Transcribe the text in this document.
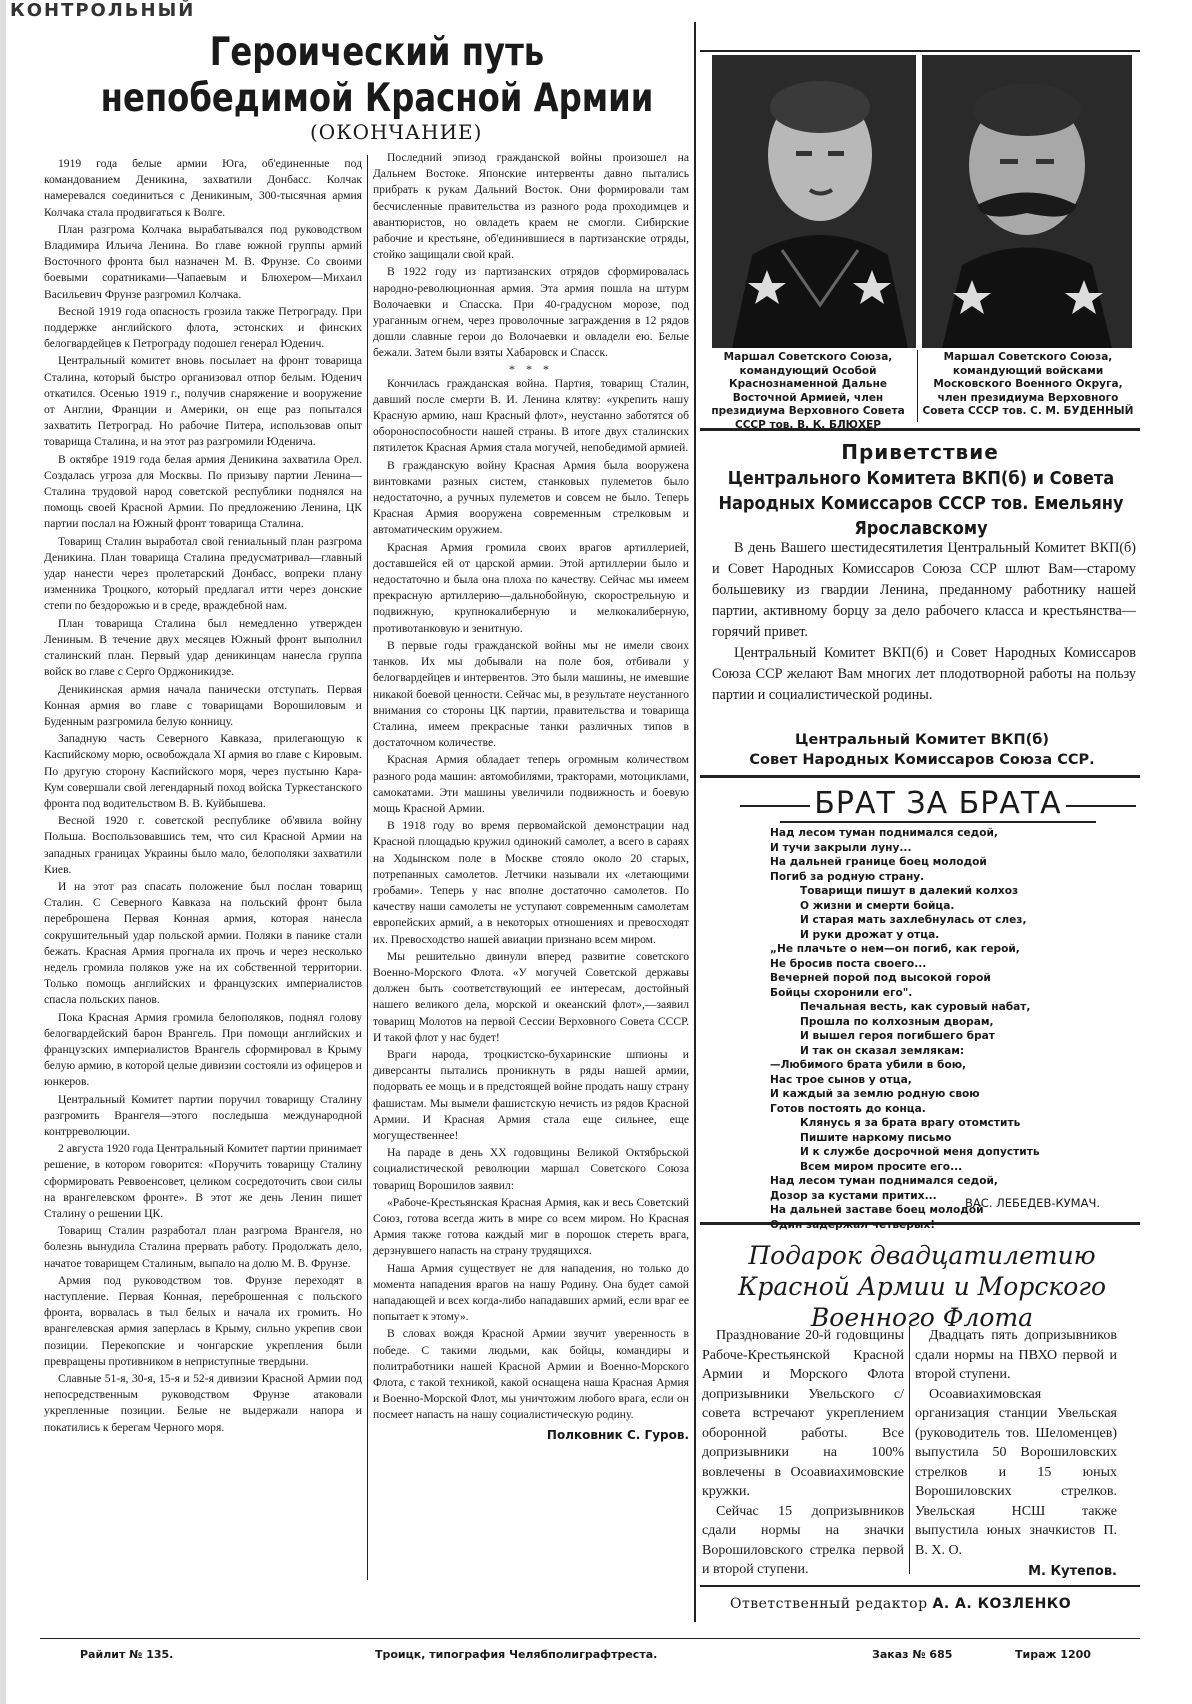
КОНТРОЛЬНЫЙ
Героический путь непобедимой Красной Армии
(ОКОНЧАНИЕ)

1919 года белые армии Юга, об'единенные под командованием Деникина, захватили Донбасс. Колчак намеревался соединиться с Деникиным, 300-тысячная армия Колчака стала продвигаться к Волге.

План разгрома Колчака вырабатывался под руководством Владимира Ильича Ленина. Во главе южной группы армий Восточного фронта был назначен М. В. Фрунзе. Со своими боевыми соратниками—Чапаевым и Блюхером—Михаил Васильевич Фрунзе разгромил Колчака.

Весной 1919 года опасность грозила также Петрограду. При поддержке английского флота, эстонских и финских белогвардейцев к Петрограду подошел генерал Юденич.

Центральный комитет вновь посылает на фронт товарища Сталина, который быстро организовал отпор белым. Юденич откатился. Осенью 1919 г., получив снаряжение и вооружение от Англии, Франции и Америки, он еще раз попытался захватить Петроград. Но рабочие Питера, использовав опыт товарища Сталина, и на этот раз разгромили Юденича.

В октябре 1919 года белая армия Деникина захватила Орел. Создалась угроза для Москвы. По призыву партии Ленина—Сталина трудовой народ советской республики поднялся на помощь своей Красной Армии. По предложению Ленина, ЦК партии послал на Южный фронт товарища Сталина.

Товарищ Сталин выработал свой гениальный план разгрома Деникина. План товарища Сталина предусматривал—главный удар нанести через пролетарский Донбасс, вопреки плану изменника Троцкого, который предлагал итти через донские степи по бездорожью и в среде, враждебной нам.

План товарища Сталина был немедленно утвержден Лениным. В течение двух месяцев Южный фронт выполнил сталинский план. Первый удар деникинцам нанесла группа войск во главе с Серго Орджоникидзе.

Деникинская армия начала панически отступать. Первая Конная армия во главе с товарищами Ворошиловым и Буденным разгромила белую конницу.

Западную часть Северного Кавказа, прилегающую к Каспийскому морю, освобождала XI армия во главе с Кировым. По другую сторону Каспийского моря, через пустыню Кара-Кум совершали свой легендарный поход войска Туркестанского фронта под водительством В. В. Куйбышева.

Весной 1920 г. советской республике об'явила войну Польша. Воспользовавшись тем, что сил Красной Армии на западных границах Украины было мало, белополяки захватили Киев.

И на этот раз спасать положение был послан товарищ Сталин. С Северного Кавказа на польский фронт была переброшена Первая Конная армия, которая нанесла сокрушительный удар польской армии. Поляки в панике стали бежать. Красная Армия прогнала их прочь и через несколько недель громила поляков уже на их собственной территории. Только помощь английских и французских империалистов спасла польских панов.

Пока Красная Армия громила белополяков, поднял голову белогвардейский барон Врангель. При помощи английских и французских империалистов Врангель сформировал в Крыму белую армию, в которой целые дивизии состояли из офицеров и юнкеров.

Центральный Комитет партии поручил товарищу Сталину разгромить Врангеля—этого последыша международной контрреволюции.

2 августа 1920 года Центральный Комитет партии принимает решение, в котором говорится: «Поручить товарищу Сталину сформировать Реввоенсовет, целиком сосредоточить свои силы на врангелевском фронте». В этот же день Ленин пишет Сталину о решении ЦК.

Товарищ Сталин разработал план разгрома Врангеля, но болезнь вынудила Сталина прервать работу. Продолжать дело, начатое товарищем Сталиным, выпало на долю М. В. Фрунзе.

Армия под руководством тов. Фрунзе переходят в наступление. Первая Конная, переброшенная с польского фронта, ворвалась в тыл белых и начала их громить. Но врангелевская армия заперлась в Крыму, сильно укрепив свои позиции. Перекопские и чонгарские укрепления были превращены противником в неприступные твердыни.

Славные 51-я, 30-я, 15-я и 52-я дивизии Красной Армии под непосредственным руководством Фрунзе атаковали укрепленные позиции. Белые не выдержали напора и покатились к берегам Черного моря.

Последний эпизод гражданской войны произошел на Дальнем Востоке. Японские интервенты давно пытались прибрать к рукам Дальний Восток. Они формировали там бесчисленные правительства из разного рода проходимцев и авантюристов, но овладеть краем не смогли. Сибирские рабочие и крестьяне, об'единившиеся в партизанские отряды, стойко защищали свой край.

В 1922 году из партизанских отрядов сформировалась народно-революционная армия. Эта армия пошла на штурм Волочаевки и Спасска. При 40-градусном морозе, под ураганным огнем, через проволочные заграждения в 12 рядов дошли славные герои до Волочаевки и овладели ею. Белые бежали. Затем были взяты Хабаровск и Спасск.

* * *

Кончилась гражданская война. Партия, товарищ Сталин, давший после смерти В. И. Ленина клятву: «укрепить нашу Красную армию, наш Красный флот», неустанно заботятся об обороноспособности нашей страны. В итоге двух сталинских пятилеток Красная Армия стала могучей, непобедимой армией.

В гражданскую войну Красная Армия была вооружена винтовками разных систем, станковых пулеметов было недостаточно, а ручных пулеметов и совсем не было. Теперь Красная Армия вооружена современным стрелковым и автоматическим оружием.

Красная Армия громила своих врагов артиллерией, доставшейся ей от царской армии. Этой артиллерии было и недостаточно и была она плоха по качеству. Сейчас мы имеем прекрасную артиллерию—дальнобойную, скорострельную и подвижную, крупнокалиберную и мелкокалиберную, противотанковую и зенитную.

В первые годы гражданской войны мы не имели своих танков. Их мы добывали на поле боя, отбивали у белогвардейцев и интервентов. Это были машины, не имевшие никакой боевой ценности. Сейчас мы, в результате неустанного внимания со стороны ЦК партии, правительства и товарища Сталина, имеем прекрасные танки различных типов в достаточном количестве.

Красная Армия обладает теперь огромным количеством разного рода машин: автомобилями, тракторами, мотоциклами, самокатами. Эти машины увеличили подвижность и боевую мощь Красной Армии.

В 1918 году во время первомайской демонстрации над Красной площадью кружил одинокий самолет, а всего в сараях на Ходынском поле в Москве стояло около 20 старых, потрепанных самолетов. Летчики называли их «летающими гробами». Теперь у нас вполне достаточно самолетов. По качеству наши самолеты не уступают современным самолетам европейских армий, а в некоторых отношениях и превосходят их. Превосходство нашей авиации признано всем миром.

Мы решительно двинули вперед развитие советского Военно-Морского Флота. «У могучей Советской державы должен быть соответствующий ее интересам, достойный нашего великого дела, морской и океанский флот»,—заявил товарищ Молотов на первой Сессии Верховного Совета СССР. И такой флот у нас будет!

Враги народа, троцкистско-бухаринские шпионы и диверсанты пытались проникнуть в ряды нашей армии, подорвать ее мощь и в предстоящей войне продать нашу страну фашистам. Мы вымели фашистскую нечисть из рядов Красной Армии. И Красная Армия стала еще сильнее, еще могущественнее!

На параде в день XX годовщины Великой Октябрьской социалистической революции маршал Советского Союза товарищ Ворошилов заявил:

«Рабоче-Крестьянская Красная Армия, как и весь Советский Союз, готова всегда жить в мире со всем миром. Но Красная Армия также готова каждый миг в порошок стереть врага, дерзнувшего напасть на страну трудящихся.

Наша Армия существует не для нападения, но только до момента нападения врагов на нашу Родину. Она будет самой нападающей и всех когда-либо нападавших армий, если враг ее попытает к этому».

В словах вождя Красной Армии звучит уверенность в победе. С такими людьми, как бойцы, командиры и политработники нашей Красной Армии и Военно-Морского Флота, с такой техникой, какой оснащена наша Красная Армия и Военно-Морской Флот, мы уничтожим любого врага, если он посмеет напасть на нашу социалистическую родину.

Полковник С. Гуров.

Маршал Советского Союза, командующий Особой Краснознаменной Дальне Восточной Армией, член президиума Верховного Совета СССР тов. В. К. БЛЮХЕР
Маршал Советского Союза, командующий войсками Московского Военного Округа, член президиума Верховного Совета СССР тов. С. М. БУДЕННЫЙ
Приветствие
Центрального Комитета ВКП(б) и Совета Народных Комиссаров СССР тов. Емельяну Ярославскому

В день Вашего шестидесятилетия Центральный Комитет ВКП(б) и Совет Народных Комиссаров Союза ССР шлют Вам—старому большевику из гвардии Ленина, преданному работнику нашей партии, активному борцу за дело рабочего класса и крестьянства—горячий привет.

Центральный Комитет ВКП(б) и Совет Народных Комиссаров Союза ССР желают Вам многих лет плодотворной работы на пользу партии и социалистической родины.

Центральный Комитет ВКП(б)
Совет Народных Комиссаров Союза ССР.
БРАТ ЗА БРАТА
Над лесом туман поднимался седой,
И тучи закрыли луну...
На дальней границе боец молодой
Погиб за родную страну.
Товарищи пишут в далекий колхоз
О жизни и смерти бойца.
И старая мать захлебнулась от слез,
И руки дрожат у отца.
„Не плачьте о нем—он погиб, как герой,
Не бросив поста своего...
Вечерней порой под высокой горой
Бойцы схоронили его".
Печальная весть, как суровый набат,
Прошла по колхозным дворам,
И вышел героя погибшего брат
И так он сказал землякам:
—Любимого брата убили в бою,
Нас трое сынов у отца,
И каждый за землю родную свою
Готов постоять до конца.
Клянусь я за брата врагу отомстить
Пишите наркому письмо
И к службе досрочной меня допустить
Всем миром просите его...
Над лесом туман поднимался седой,
Дозор за кустами притих...
На дальней заставе боец молодой
Один задержал четверых!
ВАС. ЛЕБЕДЕВ-КУМАЧ.
Подарок двадцатилетию Красной Армии и Морского Военного Флота

Празднование 20-й годовщины Рабоче-Крестьянской Красной Армии и Морского Флота допризывники Увельского с/совета встречают укреплением оборонной работы. Все допризывники на 100% вовлечены в Осоавиахимовские кружки.

Сейчас 15 допризывников сдали нормы на значки Ворошиловского стрелка первой и второй ступени.

Двадцать пять допризывников сдали нормы на ПВХО первой и второй ступени.

Осоавиахимовская организация станции Увельская (руководитель тов. Шеломенцев) выпустила 50 Ворошиловских стрелков и 15 юных Ворошиловских стрелков. Увельская НСШ также выпустила юных значкистов П. В. Х. О.

М. Кутепов.

Ответственный редактор А. А. КОЗЛЕНКО
Райлит № 135.	Троицк, типография Челябполиграфтреста.	Заказ № 685	Тираж 1200
